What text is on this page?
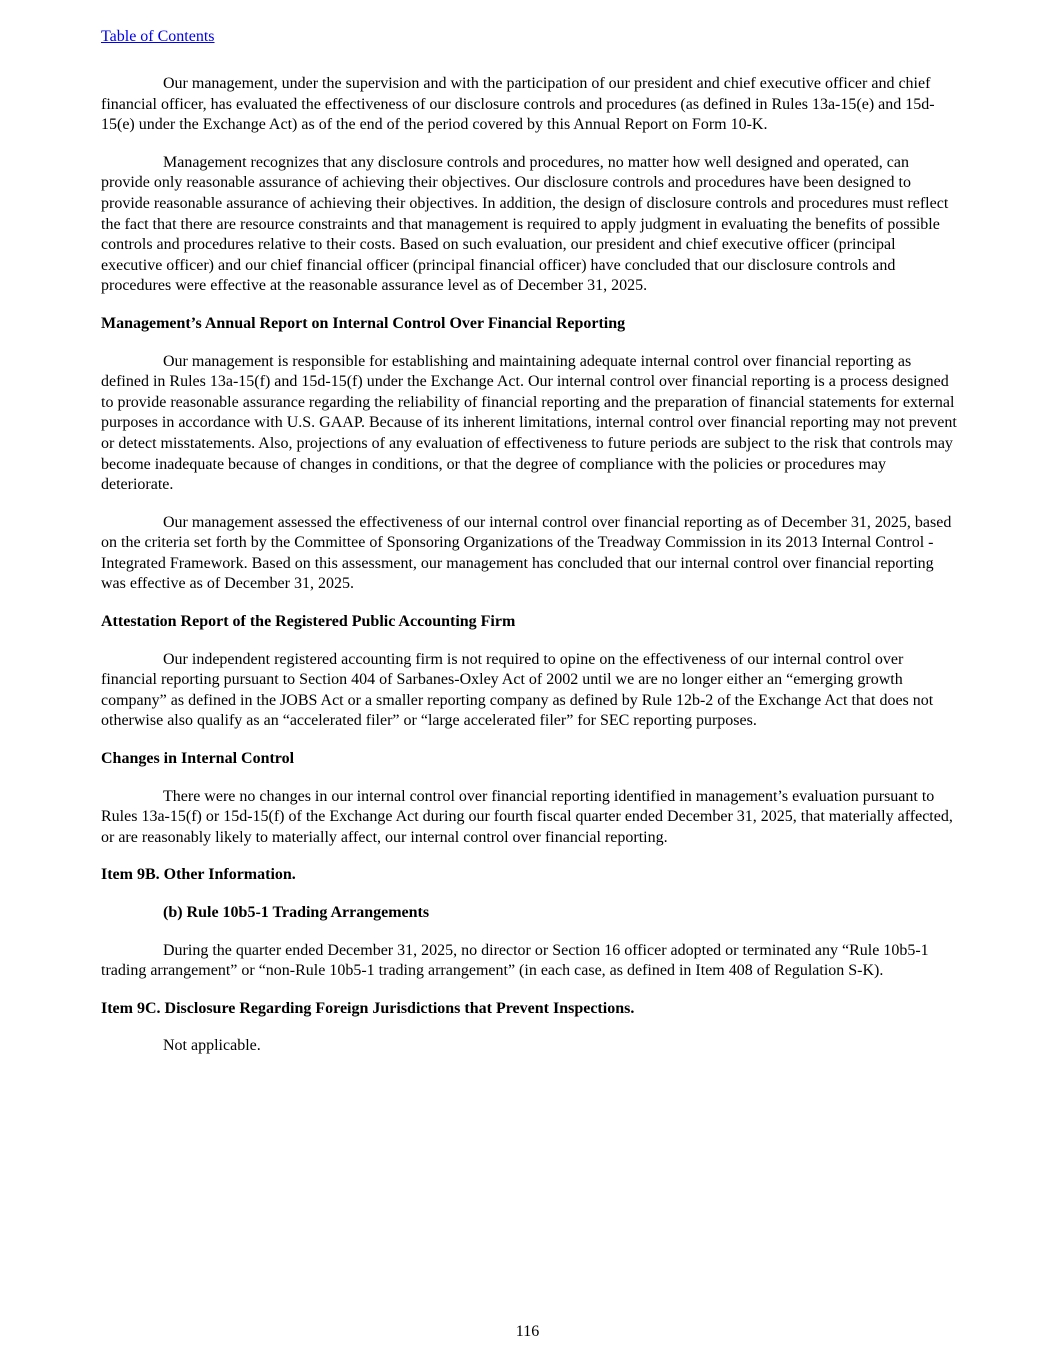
Table of Contents

Our management, under the supervision and with the participation of our president and chief executive officer and chief financial officer, has evaluated the effectiveness of our disclosure controls and procedures (as defined in Rules 13a-15(e) and 15d-15(e) under the Exchange Act) as of the end of the period covered by this Annual Report on Form 10-K.

Management recognizes that any disclosure controls and procedures, no matter how well designed and operated, can provide only reasonable assurance of achieving their objectives. Our disclosure controls and procedures have been designed to provide reasonable assurance of achieving their objectives. In addition, the design of disclosure controls and procedures must reflect the fact that there are resource constraints and that management is required to apply judgment in evaluating the benefits of possible controls and procedures relative to their costs. Based on such evaluation, our president and chief executive officer (principal executive officer) and our chief financial officer (principal financial officer) have concluded that our disclosure controls and procedures were effective at the reasonable assurance level as of December 31, 2025.

Management’s Annual Report on Internal Control Over Financial Reporting

Our management is responsible for establishing and maintaining adequate internal control over financial reporting as defined in Rules 13a-15(f) and 15d-15(f) under the Exchange Act. Our internal control over financial reporting is a process designed to provide reasonable assurance regarding the reliability of financial reporting and the preparation of financial statements for external purposes in accordance with U.S. GAAP. Because of its inherent limitations, internal control over financial reporting may not prevent or detect misstatements. Also, projections of any evaluation of effectiveness to future periods are subject to the risk that controls may become inadequate because of changes in conditions, or that the degree of compliance with the policies or procedures may deteriorate.

Our management assessed the effectiveness of our internal control over financial reporting as of December 31, 2025, based on the criteria set forth by the Committee of Sponsoring Organizations of the Treadway Commission in its 2013 Internal Control - Integrated Framework. Based on this assessment, our management has concluded that our internal control over financial reporting was effective as of December 31, 2025.

Attestation Report of the Registered Public Accounting Firm

Our independent registered accounting firm is not required to opine on the effectiveness of our internal control over financial reporting pursuant to Section 404 of Sarbanes-Oxley Act of 2002 until we are no longer either an “emerging growth company” as defined in the JOBS Act or a smaller reporting company as defined by Rule 12b-2 of the Exchange Act that does not otherwise also qualify as an “accelerated filer” or “large accelerated filer” for SEC reporting purposes.

Changes in Internal Control

There were no changes in our internal control over financial reporting identified in management’s evaluation pursuant to Rules 13a-15(f) or 15d-15(f) of the Exchange Act during our fourth fiscal quarter ended December 31, 2025, that materially affected, or are reasonably likely to materially affect, our internal control over financial reporting.

Item 9B. Other Information.
(b) Rule 10b5-1 Trading Arrangements

During the quarter ended December 31, 2025, no director or Section 16 officer adopted or terminated any “Rule 10b5-1 trading arrangement” or “non-Rule 10b5-1 trading arrangement” (in each case, as defined in Item 408 of Regulation S-K).

Item 9C. Disclosure Regarding Foreign Jurisdictions that Prevent Inspections.

Not applicable.

116
